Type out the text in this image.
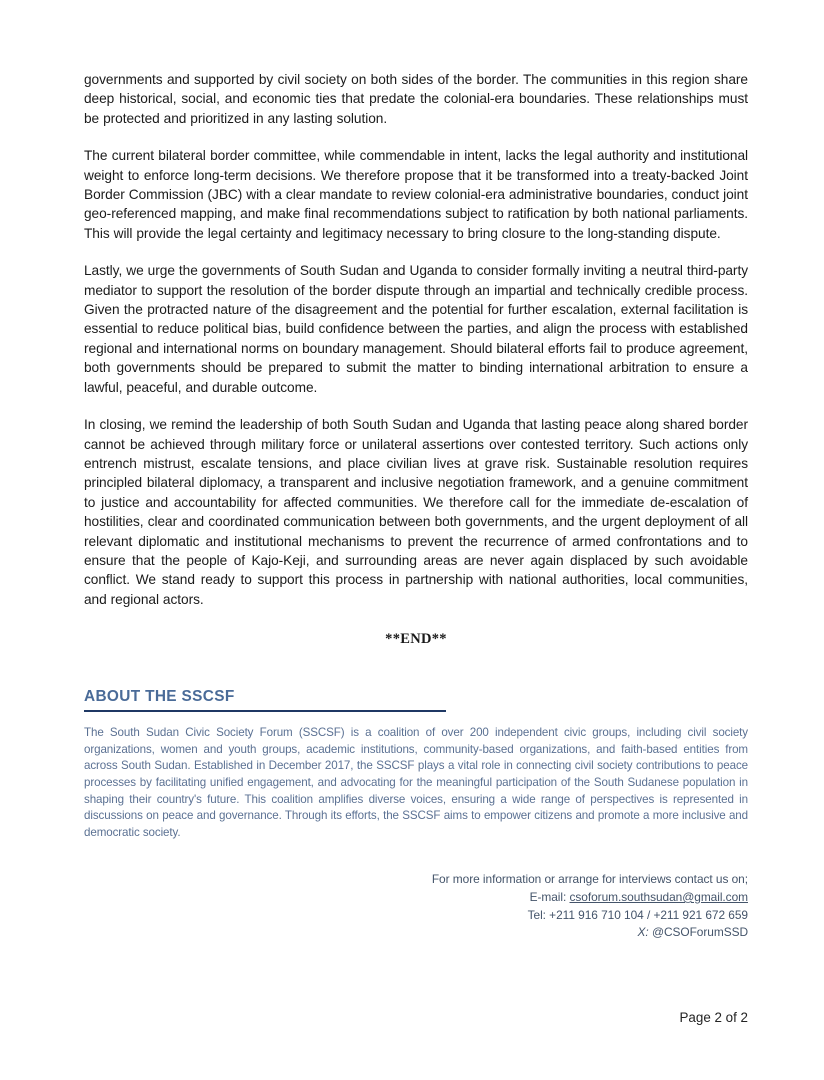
governments and supported by civil society on both sides of the border. The communities in this region share deep historical, social, and economic ties that predate the colonial-era boundaries. These relationships must be protected and prioritized in any lasting solution.

The current bilateral border committee, while commendable in intent, lacks the legal authority and institutional weight to enforce long-term decisions. We therefore propose that it be transformed into a treaty-backed Joint Border Commission (JBC) with a clear mandate to review colonial-era administrative boundaries, conduct joint geo-referenced mapping, and make final recommendations subject to ratification by both national parliaments. This will provide the legal certainty and legitimacy necessary to bring closure to the long-standing dispute.

Lastly, we urge the governments of South Sudan and Uganda to consider formally inviting a neutral third-party mediator to support the resolution of the border dispute through an impartial and technically credible process. Given the protracted nature of the disagreement and the potential for further escalation, external facilitation is essential to reduce political bias, build confidence between the parties, and align the process with established regional and international norms on boundary management. Should bilateral efforts fail to produce agreement, both governments should be prepared to submit the matter to binding international arbitration to ensure a lawful, peaceful, and durable outcome.

In closing, we remind the leadership of both South Sudan and Uganda that lasting peace along shared border cannot be achieved through military force or unilateral assertions over contested territory. Such actions only entrench mistrust, escalate tensions, and place civilian lives at grave risk. Sustainable resolution requires principled bilateral diplomacy, a transparent and inclusive negotiation framework, and a genuine commitment to justice and accountability for affected communities. We therefore call for the immediate de-escalation of hostilities, clear and coordinated communication between both governments, and the urgent deployment of all relevant diplomatic and institutional mechanisms to prevent the recurrence of armed confrontations and to ensure that the people of Kajo-Keji, and surrounding areas are never again displaced by such avoidable conflict. We stand ready to support this process in partnership with national authorities, local communities, and regional actors.

**END**
ABOUT THE SSCSF

The South Sudan Civic Society Forum (SSCSF) is a coalition of over 200 independent civic groups, including civil society organizations, women and youth groups, academic institutions, community-based organizations, and faith-based entities from across South Sudan. Established in December 2017, the SSCSF plays a vital role in connecting civil society contributions to peace processes by facilitating unified engagement, and advocating for the meaningful participation of the South Sudanese population in shaping their country's future. This coalition amplifies diverse voices, ensuring a wide range of perspectives is represented in discussions on peace and governance. Through its efforts, the SSCSF aims to empower citizens and promote a more inclusive and democratic society.

For more information or arrange for interviews contact us on;
E-mail: csoforum.southsudan@gmail.com
Tel: +211 916 710 104 / +211 921 672 659
X: @CSOForumSSD
Page 2 of 2
